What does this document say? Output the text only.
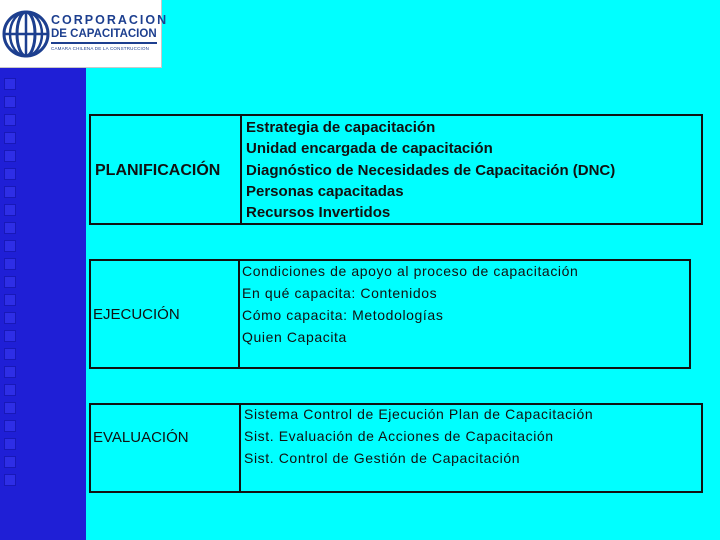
CORPORACION
DE CAPACITACION
CAMARA CHILENA DE LA CONSTRUCCION
PLANIFICACIÓN
Estrategia de capacitación
Unidad encargada de capacitación
Diagnóstico de Necesidades de Capacitación (DNC)
Personas capacitadas
Recursos Invertidos
EJECUCIÓN
Condiciones de apoyo al proceso de capacitación
En qué capacita: Contenidos
Cómo capacita: Metodologías
Quien Capacita
EVALUACIÓN
Sistema Control de Ejecución Plan de Capacitación
Sist. Evaluación de Acciones de Capacitación
Sist. Control de Gestión de Capacitación
